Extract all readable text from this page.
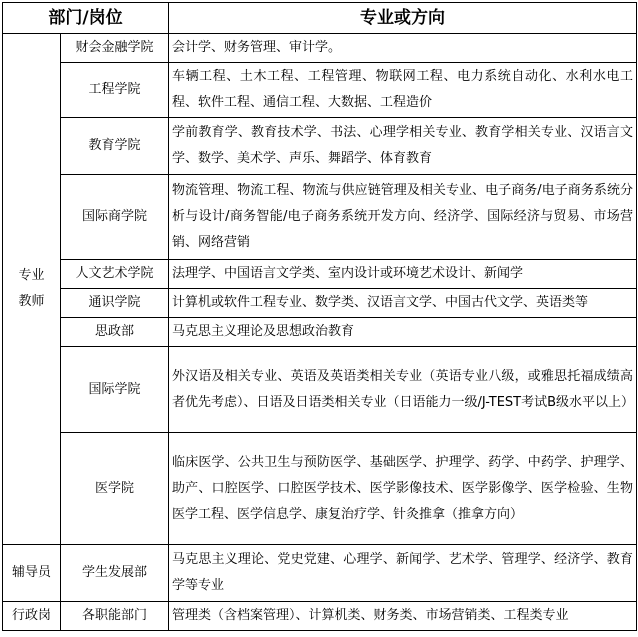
部门/岗位		专业或方向

专业
教师	财会金融学院	会计学、财务管理、审计学。
	工程学院	车辆工程、土木工程、工程管理、物联网工程、电力系统自动化、水利水电工程、软件工程、通信工程、大数据、工程造价
	教育学院	学前教育学、教育技术学、书法、心理学相关专业、教育学相关专业、汉语言文学、数学、美术学、声乐、舞蹈学、体育教育
	国际商学院	物流管理、物流工程、物流与供应链管理及相关专业、电子商务/电子商务系统分析与设计/商务智能/电子商务系统开发方向、经济学、国际经济与贸易、市场营销、网络营销
	人文艺术学院	法理学、中国语言文学类、室内设计或环境艺术设计、新闻学
	通识学院	计算机或软件工程专业、数学类、汉语言文学、中国古代文学、英语类等
	思政部	马克思主义理论及思想政治教育
	国际学院	外汉语及相关专业、英语及英语类相关专业（英语专业八级，或雅思托福成绩高者优先考虑）、日语及日语类相关专业（日语能力一级/J-TEST考试B级水平以上）
	医学院	临床医学、公共卫生与预防医学、基础医学、护理学、药学、中药学、护理学、助产、口腔医学、口腔医学技术、医学影像技术、医学影像学、医学检验、生物医学工程、医学信息学、康复治疗学、针灸推拿（推拿方向）
辅导员	学生发展部	马克思主义理论、党史党建、心理学、新闻学、艺术学、管理学、经济学、教育学等专业
行政岗	各职能部门	管理类（含档案管理）、计算机类、财务类、市场营销类、工程类专业
